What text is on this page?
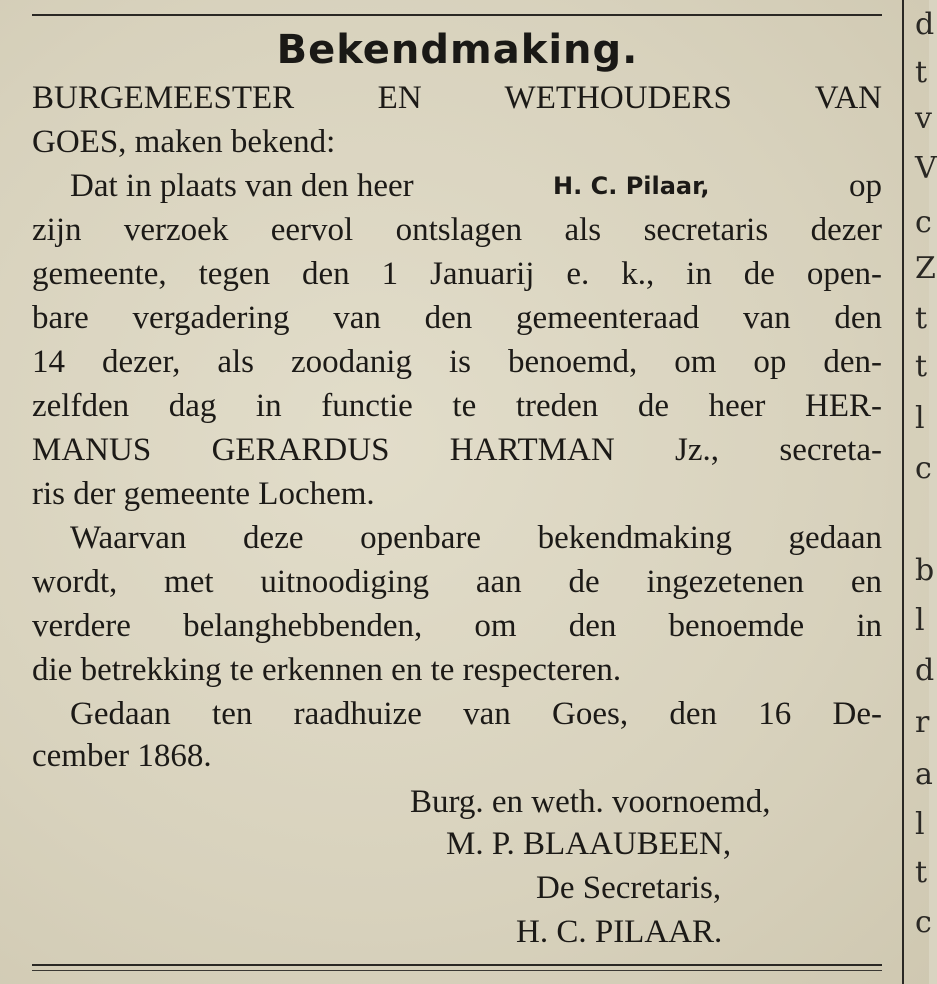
Bekendmaking.
BURGEMEESTER EN WETHOUDERS VAN
GOES, maken bekend:
Dat in plaats van den heer	H. C. Pilaar,	op
zijn verzoek eervol ontslagen als secretaris dezer
gemeente, tegen den 1 Januarij e. k., in de open-
bare vergadering van den gemeenteraad van den
14 dezer, als zoodanig is benoemd, om op den-
zelfden dag in functie te treden de heer HER-
MANUS GERARDUS HARTMAN Jz., secreta-
ris der gemeente Lochem.
Waarvan deze openbare bekendmaking gedaan
wordt, met uitnoodiging aan de ingezetenen en
verdere belanghebbenden, om den benoemde in
die betrekking te erkennen en te respecteren.
Gedaan ten raadhuize van Goes, den 16 De-
cember 1868.
Burg. en weth. voornoemd,
M. P. BLAAUBEEN,
De Secretaris,
H. C. PILAAR.
d
t
v
V
c
Z
t
t
l
c
b
l
d
r
a
l
t
c
